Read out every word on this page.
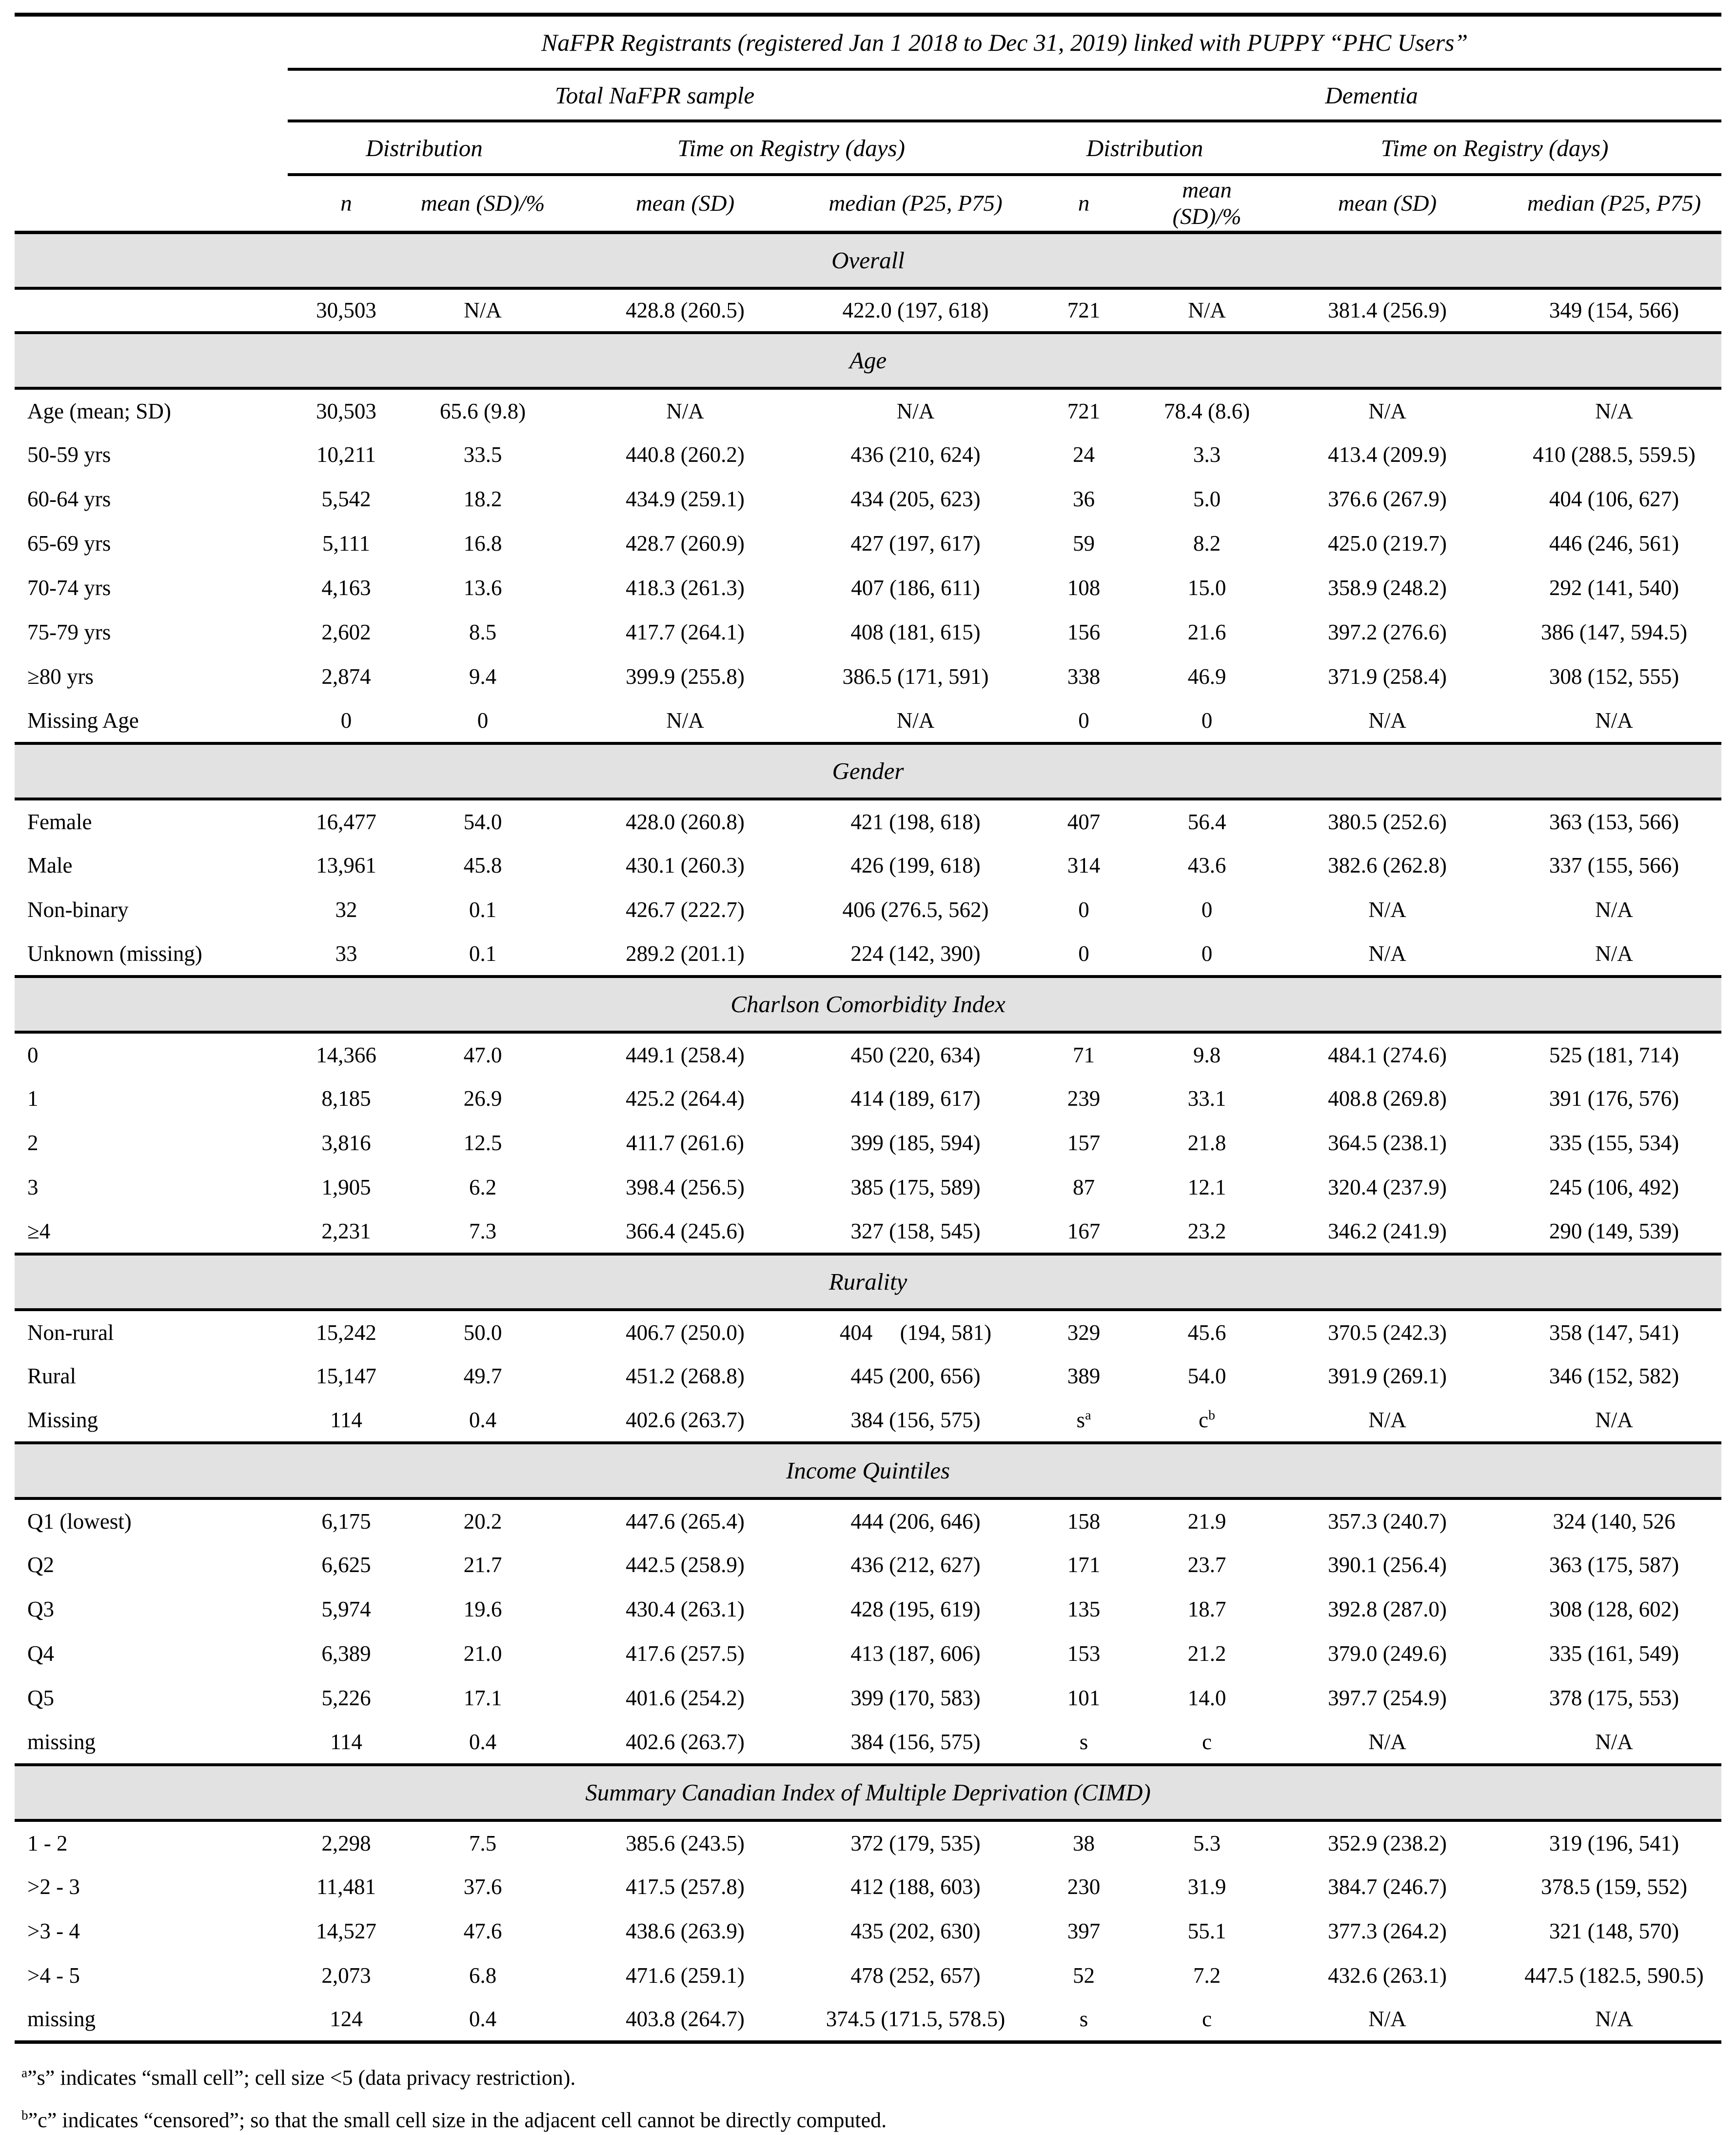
	NaFPR Registrants (registered Jan 1 2018 to Dec 31, 2019) linked with PUPPY “PHC Users”							
	Total NaFPR sample				Dementia			
	Distribution		Time on Registry (days)		Distribution		Time on Registry (days)	
	n	mean (SD)/%	mean (SD)	median (P25, P75)	n	mean (SD)/%	mean (SD)	median (P25, P75)
Overall								
	30,503	N/A	428.8 (260.5)	422.0 (197, 618)	721	N/A	381.4 (256.9)	349 (154, 566)
Age								
Age (mean; SD)	30,503	65.6 (9.8)	N/A	N/A	721	78.4 (8.6)	N/A	N/A
50-59 yrs	10,211	33.5	440.8 (260.2)	436 (210, 624)	24	3.3	413.4 (209.9)	410 (288.5, 559.5)
60-64 yrs	5,542	18.2	434.9 (259.1)	434 (205, 623)	36	5.0	376.6 (267.9)	404 (106, 627)
65-69 yrs	5,111	16.8	428.7 (260.9)	427 (197, 617)	59	8.2	425.0 (219.7)	446 (246, 561)
70-74 yrs	4,163	13.6	418.3 (261.3)	407 (186, 611)	108	15.0	358.9 (248.2)	292 (141, 540)
75-79 yrs	2,602	8.5	417.7 (264.1)	408 (181, 615)	156	21.6	397.2 (276.6)	386 (147, 594.5)
≥80 yrs	2,874	9.4	399.9 (255.8)	386.5 (171, 591)	338	46.9	371.9 (258.4)	308 (152, 555)
Missing Age	0	0	N/A	N/A	0	0	N/A	N/A
Gender								
Female	16,477	54.0	428.0 (260.8)	421 (198, 618)	407	56.4	380.5 (252.6)	363 (153, 566)
Male	13,961	45.8	430.1 (260.3)	426 (199, 618)	314	43.6	382.6 (262.8)	337 (155, 566)
Non-binary	32	0.1	426.7 (222.7)	406 (276.5, 562)	0	0	N/A	N/A
Unknown (missing)	33	0.1	289.2 (201.1)	224 (142, 390)	0	0	N/A	N/A
Charlson Comorbidity Index								
0	14,366	47.0	449.1 (258.4)	450 (220, 634)	71	9.8	484.1 (274.6)	525 (181, 714)
1	8,185	26.9	425.2 (264.4)	414 (189, 617)	239	33.1	408.8 (269.8)	391 (176, 576)
2	3,816	12.5	411.7 (261.6)	399 (185, 594)	157	21.8	364.5 (238.1)	335 (155, 534)
3	1,905	6.2	398.4 (256.5)	385 (175, 589)	87	12.1	320.4 (237.9)	245 (106, 492)
≥4	2,231	7.3	366.4 (245.6)	327 (158, 545)	167	23.2	346.2 (241.9)	290 (149, 539)
Rurality								
Non-rural	15,242	50.0	406.7 (250.0)	404     (194, 581)	329	45.6	370.5 (242.3)	358 (147, 541)
Rural	15,147	49.7	451.2 (268.8)	445 (200, 656)	389	54.0	391.9 (269.1)	346 (152, 582)
Missing	114	0.4	402.6 (263.7)	384 (156, 575)	$s^a$	$c^b$	N/A	N/A
Income Quintiles								
Q1 (lowest)	6,175	20.2	447.6 (265.4)	444 (206, 646)	158	21.9	357.3 (240.7)	324 (140, 526
Q2	6,625	21.7	442.5 (258.9)	436 (212, 627)	171	23.7	390.1 (256.4)	363 (175, 587)
Q3	5,974	19.6	430.4 (263.1)	428 (195, 619)	135	18.7	392.8 (287.0)	308 (128, 602)
Q4	6,389	21.0	417.6 (257.5)	413 (187, 606)	153	21.2	379.0 (249.6)	335 (161, 549)
Q5	5,226	17.1	401.6 (254.2)	399 (170, 583)	101	14.0	397.7 (254.9)	378 (175, 553)
missing	114	0.4	402.6 (263.7)	384 (156, 575)	s	c	N/A	N/A
Summary Canadian Index of Multiple Deprivation (CIMD)								
1 - 2	2,298	7.5	385.6 (243.5)	372 (179, 535)	38	5.3	352.9 (238.2)	319 (196, 541)
>2 - 3	11,481	37.6	417.5 (257.8)	412 (188, 603)	230	31.9	384.7 (246.7)	378.5 (159, 552)
>3 - 4	14,527	47.6	438.6 (263.9)	435 (202, 630)	397	55.1	377.3 (264.2)	321 (148, 570)
>4 - 5	2,073	6.8	471.6 (259.1)	478 (252, 657)	52	7.2	432.6 (263.1)	447.5 (182.5, 590.5)
missing	124	0.4	403.8 (264.7)	374.5 (171.5, 578.5)	s	c	N/A	N/A

$^a$”s” indicates “small cell”; cell size <5 (data privacy restriction).

$^b$”c” indicates “censored”; so that the small cell size in the adjacent cell cannot be directly computed.
